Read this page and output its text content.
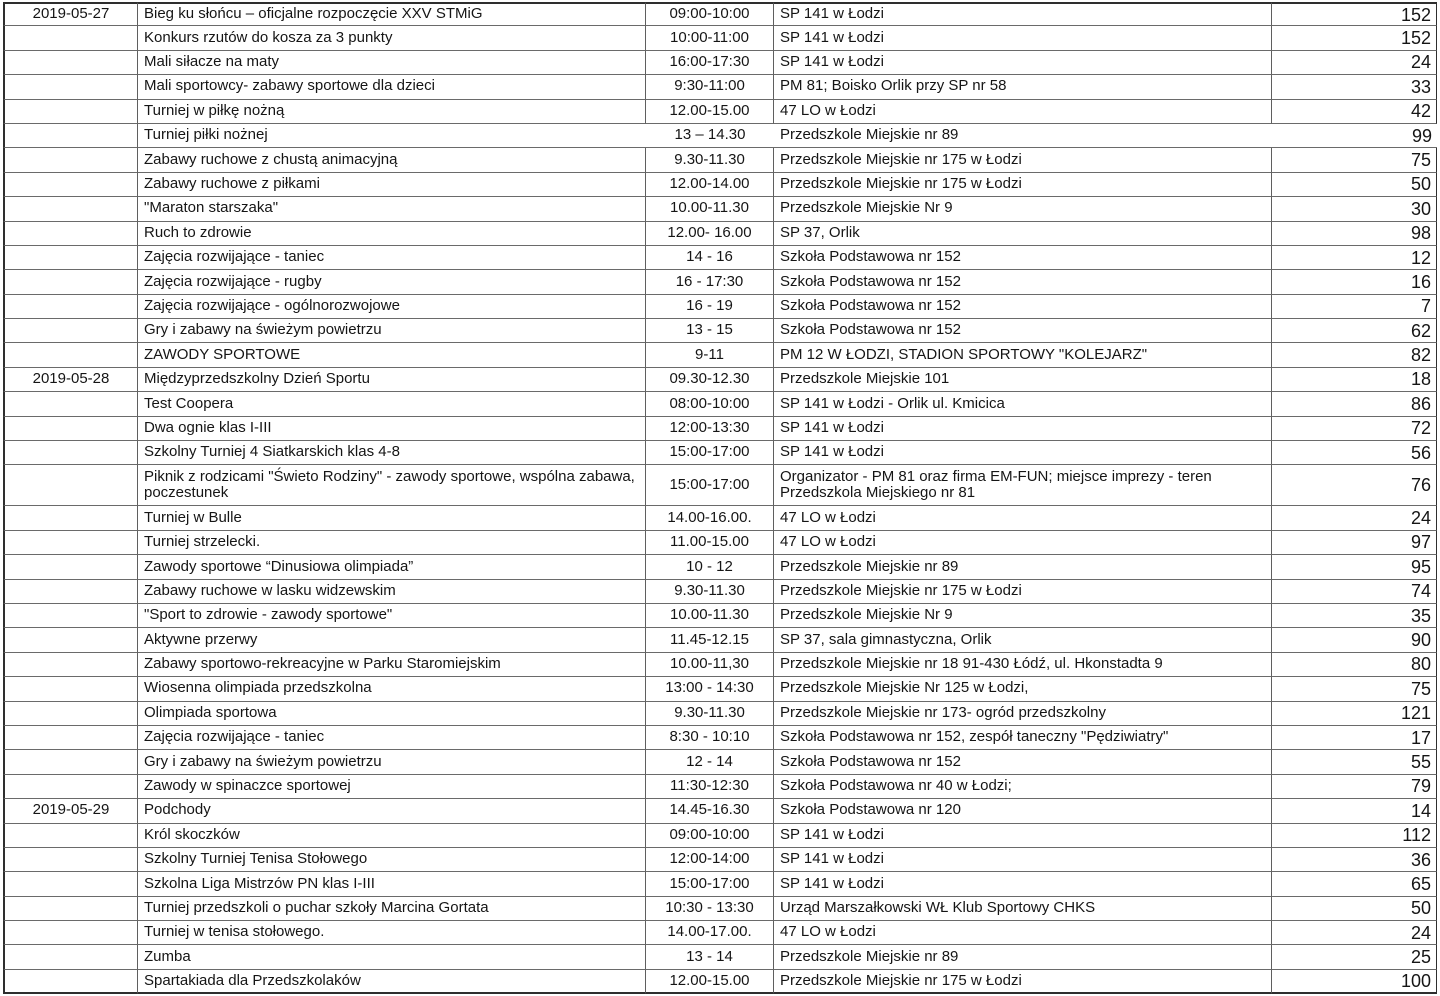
2019-05-27	Bieg ku słońcu – oficjalne rozpoczęcie XXV STMiG	09:00-10:00	SP 141 w Łodzi	152
	Konkurs rzutów do kosza za 3 punkty	10:00-11:00	SP 141 w Łodzi	152
	Mali siłacze na maty	16:00-17:30	SP 141 w Łodzi	24
	Mali sportowcy- zabawy sportowe dla dzieci	9:30-11:00	PM 81; Boisko Orlik przy SP nr 58	33
	Turniej w piłkę nożną	12.00-15.00	47 LO w Łodzi	42
	Turniej piłki nożnej	13 – 14.30	Przedszkole Miejskie nr 89	99
	Zabawy ruchowe z chustą animacyjną	9.30-11.30	Przedszkole Miejskie nr 175 w Łodzi	75
	Zabawy ruchowe z piłkami	12.00-14.00	Przedszkole Miejskie nr 175 w Łodzi	50
	"Maraton starszaka"	10.00-11.30	Przedszkole Miejskie Nr 9	30
	Ruch to zdrowie	12.00- 16.00	SP 37, Orlik	98
	Zajęcia rozwijające - taniec	14 - 16	Szkoła Podstawowa nr 152	12
	Zajęcia rozwijające - rugby	16 - 17:30	Szkoła Podstawowa nr 152	16
	Zajęcia rozwijające - ogólnorozwojowe	16 - 19	Szkoła Podstawowa nr 152	7
	Gry i zabawy na świeżym powietrzu	13 - 15	Szkoła Podstawowa nr 152	62
	ZAWODY SPORTOWE	9-11	PM 12 W ŁODZI, STADION SPORTOWY "KOLEJARZ"	82
2019-05-28	Międzyprzedszkolny Dzień Sportu	09.30-12.30	Przedszkole Miejskie 101	18
	Test Coopera	08:00-10:00	SP 141 w Łodzi - Orlik ul. Kmicica	86
	Dwa ognie klas I-III	12:00-13:30	SP 141 w Łodzi	72
	Szkolny Turniej 4 Siatkarskich klas 4-8	15:00-17:00	SP 141 w Łodzi	56
	Piknik z rodzicami "Świeto Rodziny" - zawody sportowe, wspólna zabawa, poczestunek	15:00-17:00	Organizator - PM 81 oraz firma EM-FUN; miejsce imprezy - teren Przedszkola Miejskiego nr 81	76
	Turniej w Bulle	14.00-16.00.	47 LO w Łodzi	24
	Turniej strzelecki.	11.00-15.00	47 LO w Łodzi	97
	Zawody sportowe “Dinusiowa olimpiada”	10 - 12	Przedszkole Miejskie nr 89	95
	Zabawy ruchowe w lasku widzewskim	9.30-11.30	Przedszkole Miejskie nr 175 w Łodzi	74
	"Sport to zdrowie - zawody sportowe"	10.00-11.30	Przedszkole Miejskie Nr 9	35
	Aktywne przerwy	11.45-12.15	SP 37, sala gimnastyczna, Orlik	90
	Zabawy sportowo-rekreacyjne w Parku Staromiejskim	10.00-11,30	Przedszkole Miejskie nr 18 91-430 Łódź, ul. Hkonstadta 9	80
	Wiosenna olimpiada przedszkolna	13:00 - 14:30	Przedszkole Miejskie Nr 125 w Łodzi,	75
	Olimpiada sportowa	9.30-11.30	Przedszkole Miejskie nr 173- ogród przedszkolny	121
	Zajęcia rozwijające - taniec	8:30 - 10:10	Szkoła Podstawowa nr 152, zespół taneczny "Pędziwiatry"	17
	Gry i zabawy na świeżym powietrzu	12 - 14	Szkoła Podstawowa nr 152	55
	Zawody w spinaczce sportowej	11:30-12:30	Szkoła Podstawowa nr 40 w Łodzi;	79
2019-05-29	Podchody	14.45-16.30	Szkoła Podstawowa nr 120	14
	Król skoczków	09:00-10:00	SP 141 w Łodzi	112
	Szkolny Turniej Tenisa Stołowego	12:00-14:00	SP 141 w Łodzi	36
	Szkolna Liga Mistrzów PN klas I-III	15:00-17:00	SP 141 w Łodzi	65
	Turniej przedszkoli o puchar szkoły Marcina Gortata	10:30 - 13:30	Urząd Marszałkowski WŁ Klub Sportowy CHKS	50
	Turniej w tenisa stołowego.	14.00-17.00.	47 LO w Łodzi	24
	Zumba	13 - 14	Przedszkole Miejskie nr 89	25
	Spartakiada dla Przedszkolaków	12.00-15.00	Przedszkole Miejskie nr 175 w Łodzi	100
